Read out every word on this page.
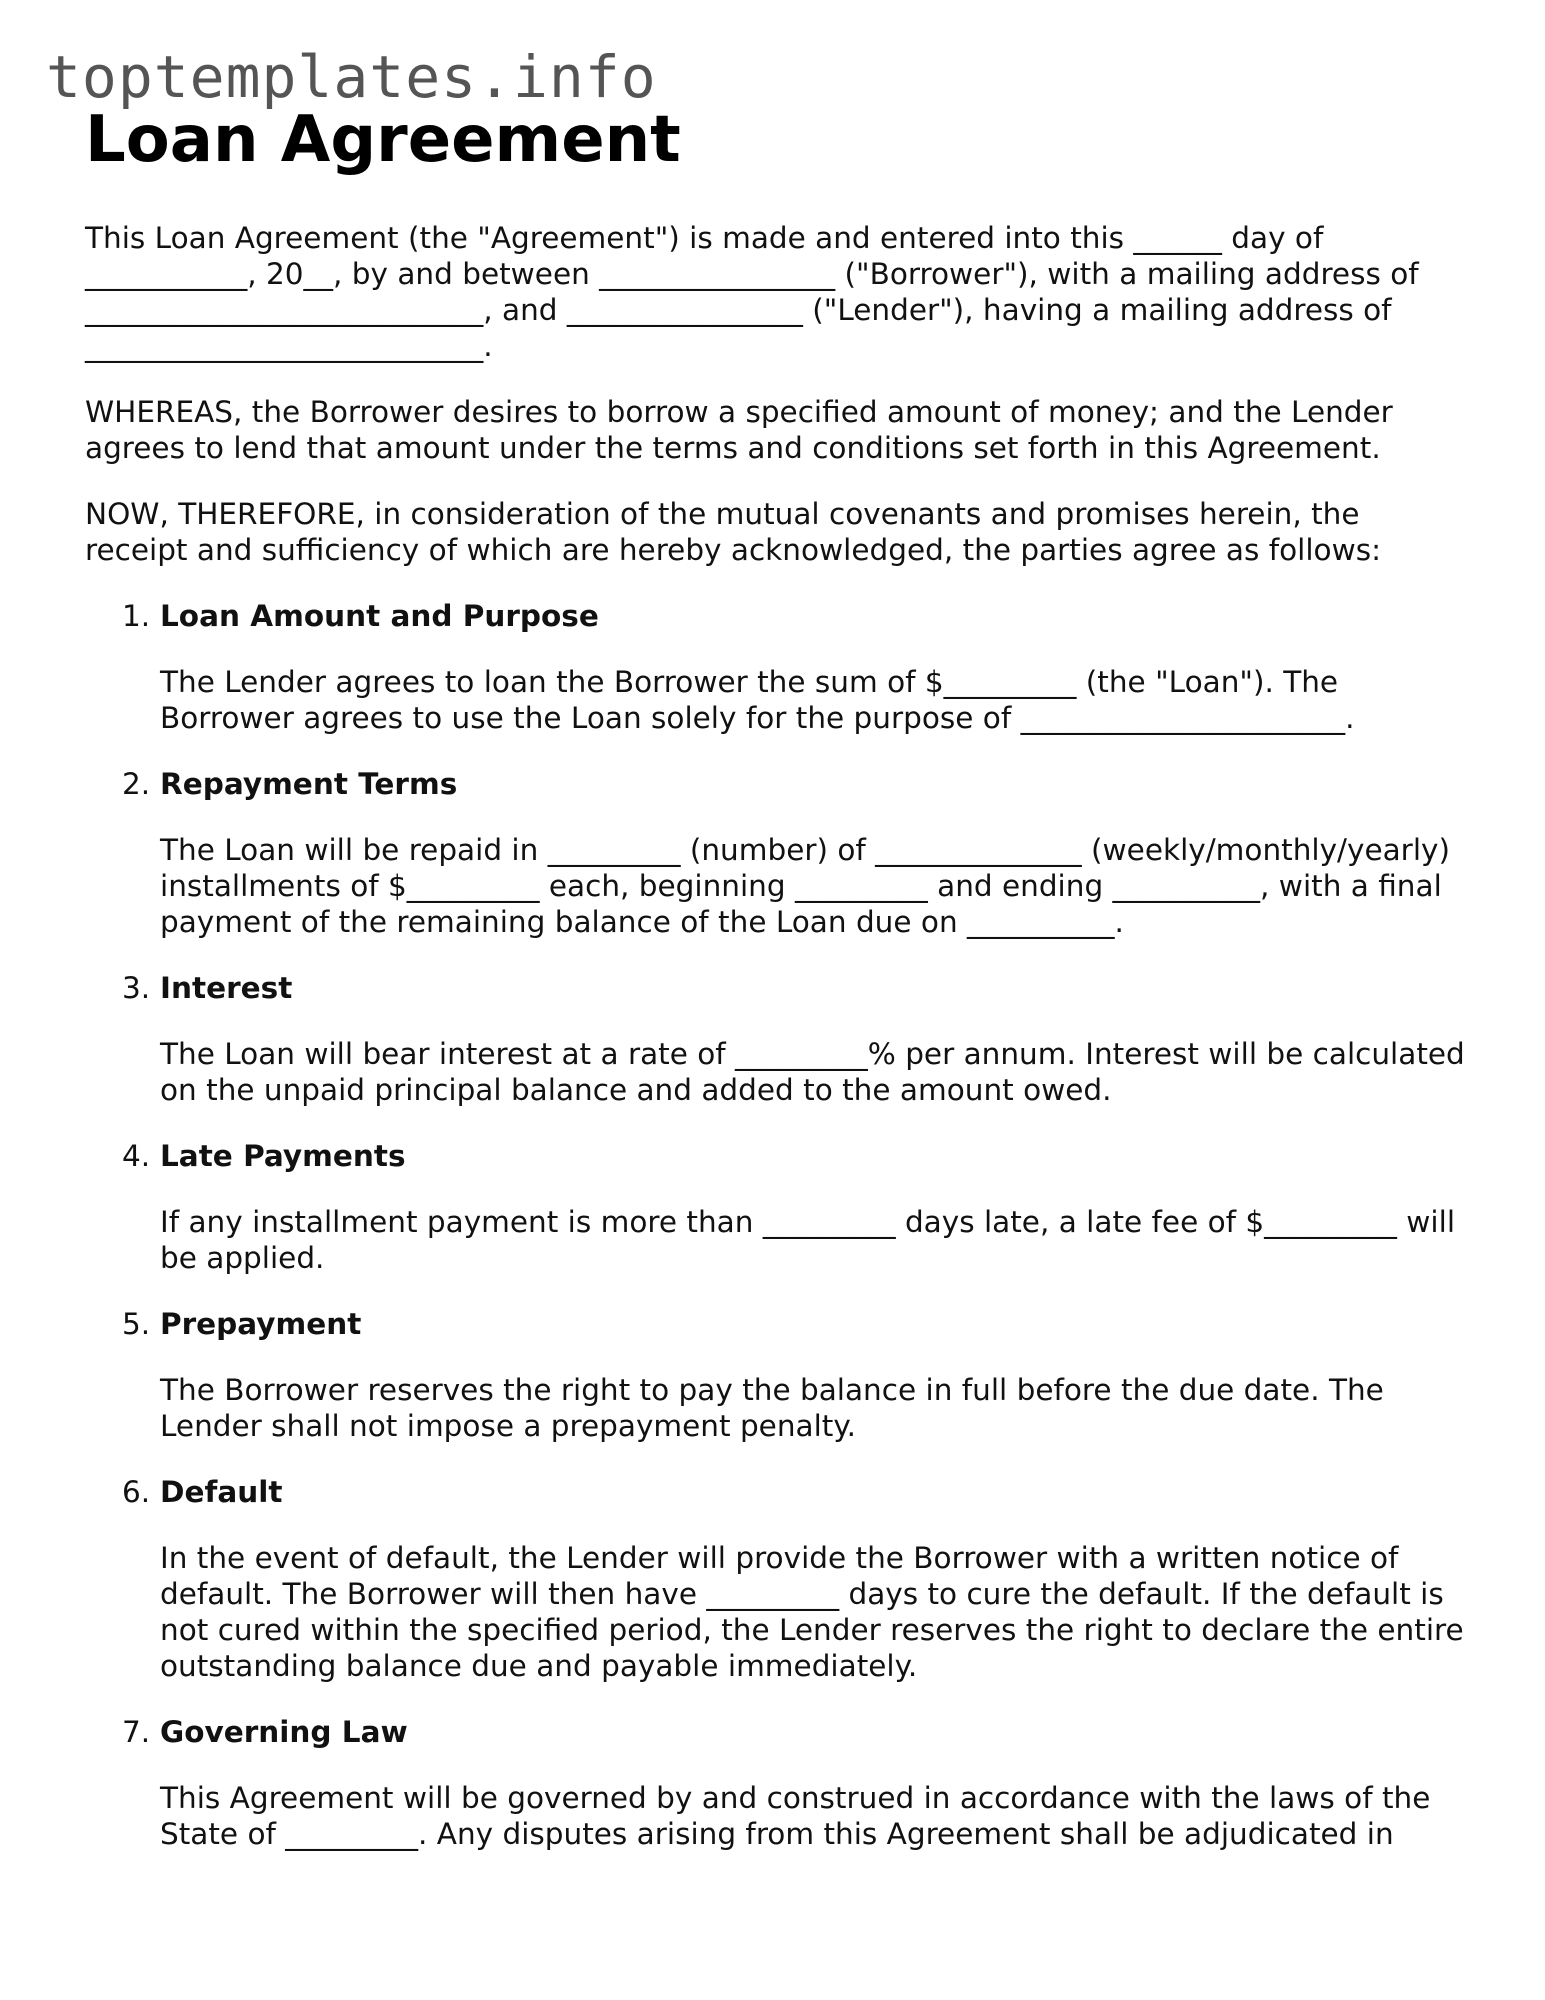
toptemplates.info
Loan Agreement

This Loan Agreement (the "Agreement") is made and entered into this ______ day of ___________, 20__, by and between ________________ ("Borrower"), with a mailing address of ___________________________, and ________________ ("Lender"), having a mailing address of ___________________________.

WHEREAS, the Borrower desires to borrow a specified amount of money; and the Lender agrees to lend that amount under the terms and conditions set forth in this Agreement.

NOW, THEREFORE, in consideration of the mutual covenants and promises herein, the receipt and sufficiency of which are hereby acknowledged, the parties agree as follows:

1. Loan Amount and Purpose

The Lender agrees to loan the Borrower the sum of $_________ (the "Loan"). The Borrower agrees to use the Loan solely for the purpose of ______________________.

2. Repayment Terms

The Loan will be repaid in _________ (number) of ______________ (weekly/monthly/yearly) installments of $_________ each, beginning _________ and ending __________, with a final payment of the remaining balance of the Loan due on __________.

3. Interest

The Loan will bear interest at a rate of _________% per annum. Interest will be calculated on the unpaid principal balance and added to the amount owed.

4. Late Payments

If any installment payment is more than _________ days late, a late fee of $_________ will be applied.

5. Prepayment

The Borrower reserves the right to pay the balance in full before the due date. The Lender shall not impose a prepayment penalty.

6. Default

In the event of default, the Lender will provide the Borrower with a written notice of default. The Borrower will then have _________ days to cure the default. If the default is not cured within the specified period, the Lender reserves the right to declare the entire outstanding balance due and payable immediately.

7. Governing Law

This Agreement will be governed by and construed in accordance with the laws of the State of _________. Any disputes arising from this Agreement shall be adjudicated in
